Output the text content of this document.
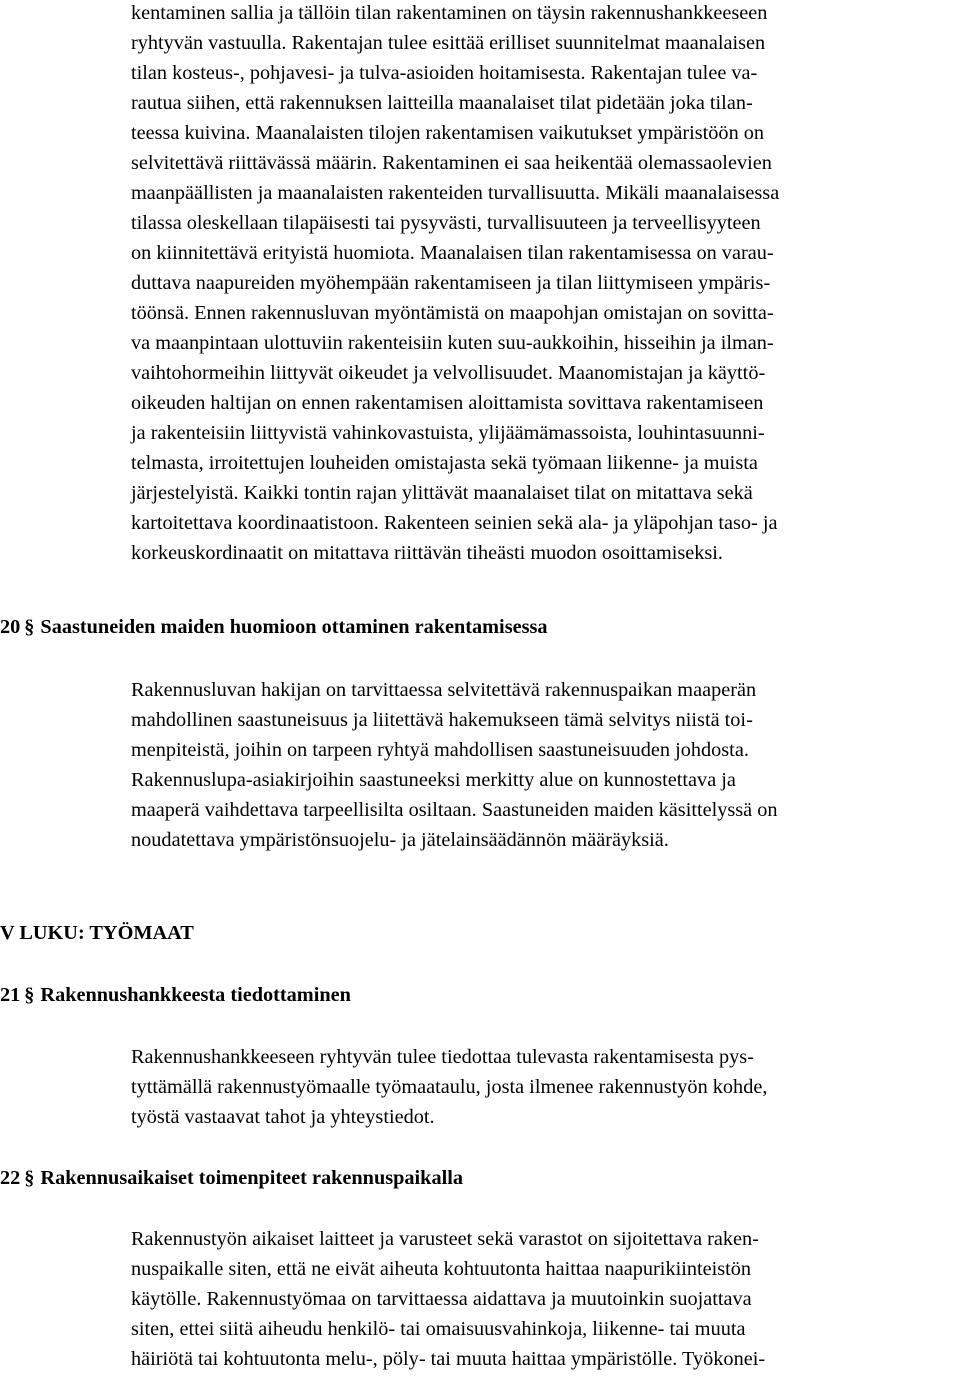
kentaminen sallia ja tällöin tilan rakentaminen on täysin rakennushankkeeseen
ryhtyvän vastuulla. Rakentajan tulee esittää erilliset suunnitelmat maanalaisen
tilan kosteus-, pohjavesi- ja tulva-asioiden hoitamisesta. Rakentajan tulee va-
rautua siihen, että rakennuksen laitteilla maanalaiset tilat pidetään joka tilan-
teessa kuivina. Maanalaisten tilojen rakentamisen vaikutukset ympäristöön on
selvitettävä riittävässä määrin. Rakentaminen ei saa heikentää olemassaolevien
maanpäällisten ja maanalaisten rakenteiden turvallisuutta. Mikäli maanalaisessa
tilassa oleskellaan tilapäisesti tai pysyvästi, turvallisuuteen ja terveellisyyteen
on kiinnitettävä erityistä huomiota. Maanalaisen tilan rakentamisessa on varau-
duttava naapureiden myöhempään rakentamiseen ja tilan liittymiseen ympäris-
töönsä. Ennen rakennusluvan myöntämistä on maapohjan omistajan on sovitta-
va maanpintaan ulottuviin rakenteisiin kuten suu-aukkoihin, hisseihin ja ilman-
vaihtohormeihin liittyvät oikeudet ja velvollisuudet. Maanomistajan ja käyttö-
oikeuden haltijan on ennen rakentamisen aloittamista sovittava rakentamiseen
ja rakenteisiin liittyvistä vahinkovastuista, ylijäämämassoista, louhintasuunni-
telmasta, irroitettujen louheiden omistajasta sekä työmaan liikenne- ja muista
järjestelyistä. Kaikki tontin rajan ylittävät maanalaiset tilat on mitattava sekä
kartoitettava koordinaatistoon. Rakenteen seinien sekä ala- ja yläpohjan taso- ja
korkeuskordinaatit on mitattava riittävän tiheästi muodon osoittamiseksi.
20 § Saastuneiden maiden huomioon ottaminen rakentamisessa
Rakennusluvan hakijan on tarvittaessa selvitettävä rakennuspaikan maaperän
mahdollinen saastuneisuus ja liitettävä hakemukseen tämä selvitys niistä toi-
menpiteistä, joihin on tarpeen ryhtyä mahdollisen saastuneisuuden johdosta.
Rakennuslupa-asiakirjoihin saastuneeksi merkitty alue on kunnostettava ja
maaperä vaihdettava tarpeellisilta osiltaan. Saastuneiden maiden käsittelyssä on
noudatettava ympäristönsuojelu- ja jätelainsäädännön määräyksiä.
V LUKU: TYÖMAAT
21 § Rakennushankkeesta tiedottaminen
Rakennushankkeeseen ryhtyvän tulee tiedottaa tulevasta rakentamisesta pys-
tyttämällä rakennustyömaalle työmaataulu, josta ilmenee rakennustyön kohde,
työstä vastaavat tahot ja yhteystiedot.
22 § Rakennusaikaiset toimenpiteet rakennuspaikalla
Rakennustyön aikaiset laitteet ja varusteet sekä varastot on sijoitettava raken-
nuspaikalle siten, että ne eivät aiheuta kohtuutonta haittaa naapurikiinteistön
käytölle. Rakennustyömaa on tarvittaessa aidattava ja muutoinkin suojattava
siten, ettei siitä aiheudu henkilö- tai omaisuusvahinkoja, liikenne- tai muuta
häiriötä tai kohtuutonta melu-, pöly- tai muuta haittaa ympäristölle. Työkonei-
